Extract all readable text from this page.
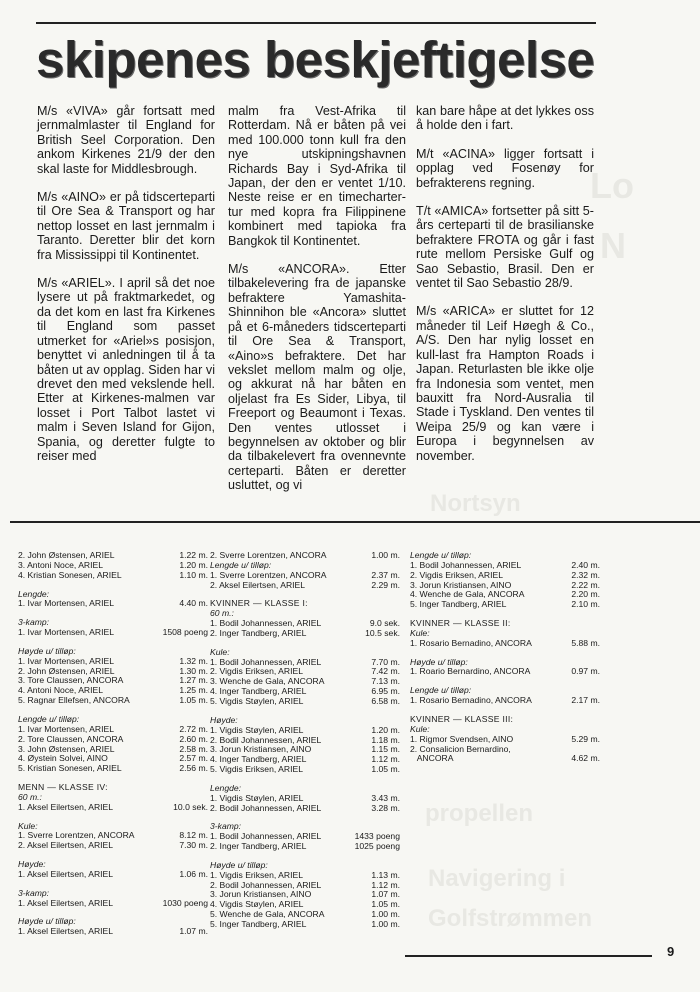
skipenes beskjeftigelse
Lo
N
Nortsyn
propellen
Navigering i
Golfstrømmen

M/s «VIVA» går fortsatt med jernmalmlaster til England for British Seel Corporation. Den ankom Kirkenes 21/9 der den skal laste for Middlesbrough.

M/s «AINO» er på tidscerteparti til Ore Sea & Transport og har nettop losset en last jernmalm i Taranto. Deretter blir det korn fra Mississippi til Kontinentet.

M/s «ARIEL». I april så det noe lysere ut på fraktmarkedet, og da det kom en last fra Kirkenes til England som passet utmerket for «Ariel»s posisjon, benyttet vi anledningen til å ta båten ut av opplag. Siden har vi drevet den med vekslende hell. Etter at Kirkenes-malmen var losset i Port Talbot lastet vi malm i Seven Island for Gijon, Spania, og deretter fulgte to reiser med

malm fra Vest-Afrika til Rotterdam. Nå er båten på vei med 100.000 tonn kull fra den nye utskipningshavnen Richards Bay i Syd-Afrika til Japan, der den er ventet 1/10. Neste reise er en timecharter-tur med kopra fra Filippinene kombinert med tapioka fra Bangkok til Kontinentet.

M/s «ANCORA». Etter tilbakelevering fra de japanske befraktere Yamashita-Shinnihon ble «Ancora» sluttet på et 6-måneders tidscerteparti til Ore Sea & Transport, «Aino»s befraktere. Det har vekslet mellom malm og olje, og akkurat nå har båten en oljelast fra Es Sider, Libya, til Freeport og Beaumont i Texas. Den ventes utlosset i begynnelsen av oktober og blir da tilbakelevert fra ovennevnte certeparti. Båten er deretter usluttet, og vi

kan bare håpe at det lykkes oss å holde den i fart.

M/t «ACINA» ligger fortsatt i opplag ved Fosenøy for befrakterens regning.

T/t «AMICA» fortsetter på sitt 5-års certeparti til de brasilianske befraktere FROTA og går i fast rute mellom Persiske Gulf og Sao Sebastio, Brasil. Den er ventet til Sao Sebastio 28/9.

M/s «ARICA» er sluttet for 12 måneder til Leif Høegh & Co., A/S. Den har nylig losset en kull-last fra Hampton Roads i Japan. Returlasten ble ikke olje fra Indonesia som ventet, men bauxitt fra Nord-Ausralia til Stade i Tyskland. Den ventes til Weipa 25/9 og kan være i Europa i begynnelsen av november.

2. John Østensen, ARIEL	1.22 m.
3. Antoni Noce, ARIEL	1.20 m.
4. Kristian Sonesen, ARIEL	1.10 m.
Lengde:
1. Ivar Mortensen, ARIEL	4.40 m.
3-kamp:
1. Ivar Mortensen, ARIEL	1508 poeng
Høyde u/ tilløp:
1. Ivar Mortensen, ARIEL	1.32 m.
2. John Østensen, ARIEL	1.30 m.
3. Tore Claussen, ANCORA	1.27 m.
4. Antoni Noce, ARIEL	1.25 m.
5. Ragnar Ellefsen, ANCORA	1.05 m.
Lengde u/ tilløp:
1. Ivar Mortensen, ARIEL	2.72 m.
2. Tore Claussen, ANCORA	2.60 m.
3. John Østensen, ARIEL	2.58 m.
4. Øystein Solvei, AINO	2.57 m.
5. Kristian Sonesen, ARIEL	2.56 m.
MENN — KLASSE IV:
60 m.:
1. Aksel Eilertsen, ARIEL	10.0 sek.
Kule:
1. Sverre Lorentzen, ANCORA	8.12 m.
2. Aksel Eilertsen, ARIEL	7.30 m.
Høyde:
1. Aksel Eilertsen, ARIEL	1.06 m.
3-kamp:
1. Aksel Eilertsen, ARIEL	1030 poeng
Høyde u/ tilløp:
1. Aksel Eilertsen, ARIEL	1.07 m.
2. Sverre Lorentzen, ANCORA	1.00 m.
Lengde u/ tilløp:
1. Sverre Lorentzen, ANCORA	2.37 m.
2. Aksel Eilertsen, ARIEL	2.29 m.
KVINNER — KLASSE I:
60 m.:
1. Bodil Johannessen, ARIEL	9.0 sek.
2. Inger Tandberg, ARIEL	10.5 sek.
Kule:
1. Bodil Johannessen, ARIEL	7.70 m.
2. Vigdis Eriksen, ARIEL	7.42 m.
3. Wenche de Gala, ANCORA	7.13 m.
4. Inger Tandberg, ARIEL	6.95 m.
5. Vigdis Støylen, ARIEL	6.58 m.
Høyde:
1. Vigdis Støylen, ARIEL	1.20 m.
2. Bodil Johannessen, ARIEL	1.18 m.
3. Jorun Kristiansen, AINO	1.15 m.
4. Inger Tandberg, ARIEL	1.12 m.
5. Vigdis Eriksen, ARIEL	1.05 m.
Lengde:
1. Vigdis Støylen, ARIEL	3.43 m.
2. Bodil Johannessen, ARIEL	3.28 m.
3-kamp:
1. Bodil Johannessen, ARIEL	1433 poeng
2. Inger Tandberg, ARIEL	1025 poeng
Høyde u/ tilløp:
1. Vigdis Eriksen, ARIEL	1.13 m.
2. Bodil Johannessen, ARIEL	1.12 m.
3. Jorun Kristiansen, AINO	1.07 m.
4. Vigdis Støylen, ARIEL	1.05 m.
5. Wenche de Gala, ANCORA	1.00 m.
5. Inger Tandberg, ARIEL	1.00 m.
Lengde u/ tilløp:
1. Bodil Johannessen, ARIEL	2.40 m.
2. Vigdis Eriksen, ARIEL	2.32 m.
3. Jorun Kristiansen, AINO	2.22 m.
4. Wenche de Gala, ANCORA	2.20 m.
5. Inger Tandberg, ARIEL	2.10 m.
KVINNER — KLASSE II:
Kule:
1. Rosario Bernadino, ANCORA	5.88 m.
Høyde u/ tilløp:
1. Roario Bernardino, ANCORA	0.97 m.
Lengde u/ tilløp:
1. Rosario Bernadino, ANCORA	2.17 m.
KVINNER — KLASSE III:
Kule:
1. Rigmor Svendsen, AINO	5.29 m.
2. Consalicion Bernardino,
ANCORA	4.62 m.
9
